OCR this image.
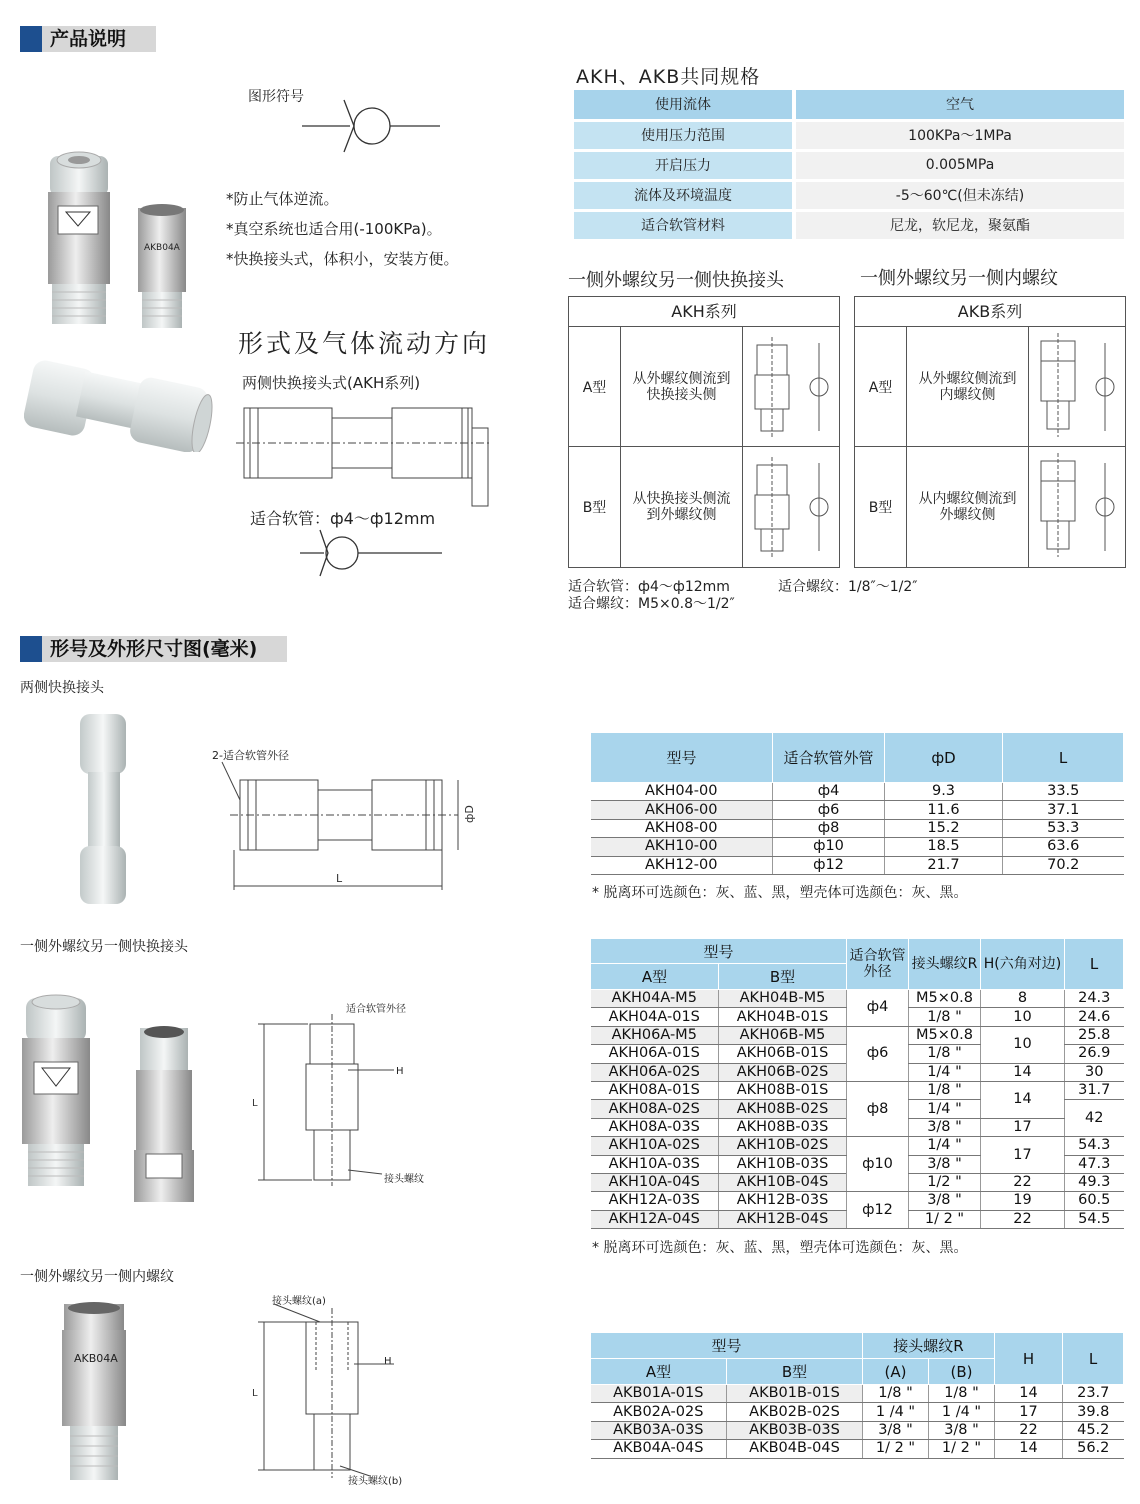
产品说明
图形符号
AKB04A
*防止气体逆流。
*真空系统也适合用(-100KPa)。
*快换接头式，体积小，安装方便。
形式及气体流动方向
两侧快换接头式(AKH系列)
适合软管：ф4～ф12mm
AKH、AKB共同规格
使用流体	空气
使用压力范围	100KPa～1MPa
开启压力	0.005MPa
流体及环境温度	-5～60℃(但未冻结)
适合软管材料	尼龙，软尼龙，聚氨酯
一侧外螺纹另一侧快换接头	一侧外螺纹另一侧内螺纹
AKH系列
A型
从外螺纹侧流到快换接头侧
B型
从快换接头侧流到外螺纹侧
AKB系列
A型
从外螺纹侧流到内螺纹侧
B型
从内螺纹侧流到外螺纹侧
适合软管：ф4～ф12mm	适合螺纹：1/8″～1/2″
适合螺纹：M5×0.8～1/2″
形号及外形尺寸图(毫米)
两侧快换接头
2-适合软管外径
L
фD
型号	适合软管外管	фD	L
AKH04-00	ф4	9.3	33.5
AKH06-00	ф6	11.6	37.1
AKH08-00	ф8	15.2	53.3
AKH10-00	ф10	18.5	63.6
AKH12-00	ф12	21.7	70.2
* 脱离环可选颜色：灰、蓝、黑，塑壳体可选颜色：灰、黑。
一侧外螺纹另一侧快换接头
适合软管外径
H
接头螺纹
L
型号		适合软管外径	接头螺纹R	H(六角对边)	L
A型	B型				
AKH04A-M5	AKH04B-M5	ф4	M5×0.8	8	24.3
AKH04A-01S	AKH04B-01S		1/8 "	10	24.6
AKH06A-M5	AKH06B-M5	ф6	M5×0.8	10	25.8
AKH06A-01S	AKH06B-01S		1/8 "		26.9
AKH06A-02S	AKH06B-02S		1/4 "	14	30
AKH08A-01S	AKH08B-01S	ф8	1/8 "	14	31.7
AKH08A-02S	AKH08B-02S		1/4 "		42
AKH08A-03S	AKH08B-03S		3/8 "	17	
AKH10A-02S	AKH10B-02S	ф10	1/4 "	17	54.3
AKH10A-03S	AKH10B-03S		3/8 "		47.3
AKH10A-04S	AKH10B-04S		1/2 "	22	49.3
AKH12A-03S	AKH12B-03S	ф12	3/8 "	19	60.5
AKH12A-04S	AKH12B-04S		1/ 2 "	22	54.5
* 脱离环可选颜色：灰、蓝、黑，塑壳体可选颜色：灰、黑。
一侧外螺纹另一侧内螺纹
AKB04A
接头螺纹(a)
H
接头螺纹(b)
L
型号		接头螺纹R		H	L
A型	B型	(A)	(B)		
AKB01A-01S	AKB01B-01S	1/8 "	1/8 "	14	23.7
AKB02A-02S	AKB02B-02S	1 /4 "	1 /4 "	17	39.8
AKB03A-03S	AKB03B-03S	3/8 "	3/8 "	22	45.2
AKB04A-04S	AKB04B-04S	1/ 2 "	1/ 2 "	14	56.2
